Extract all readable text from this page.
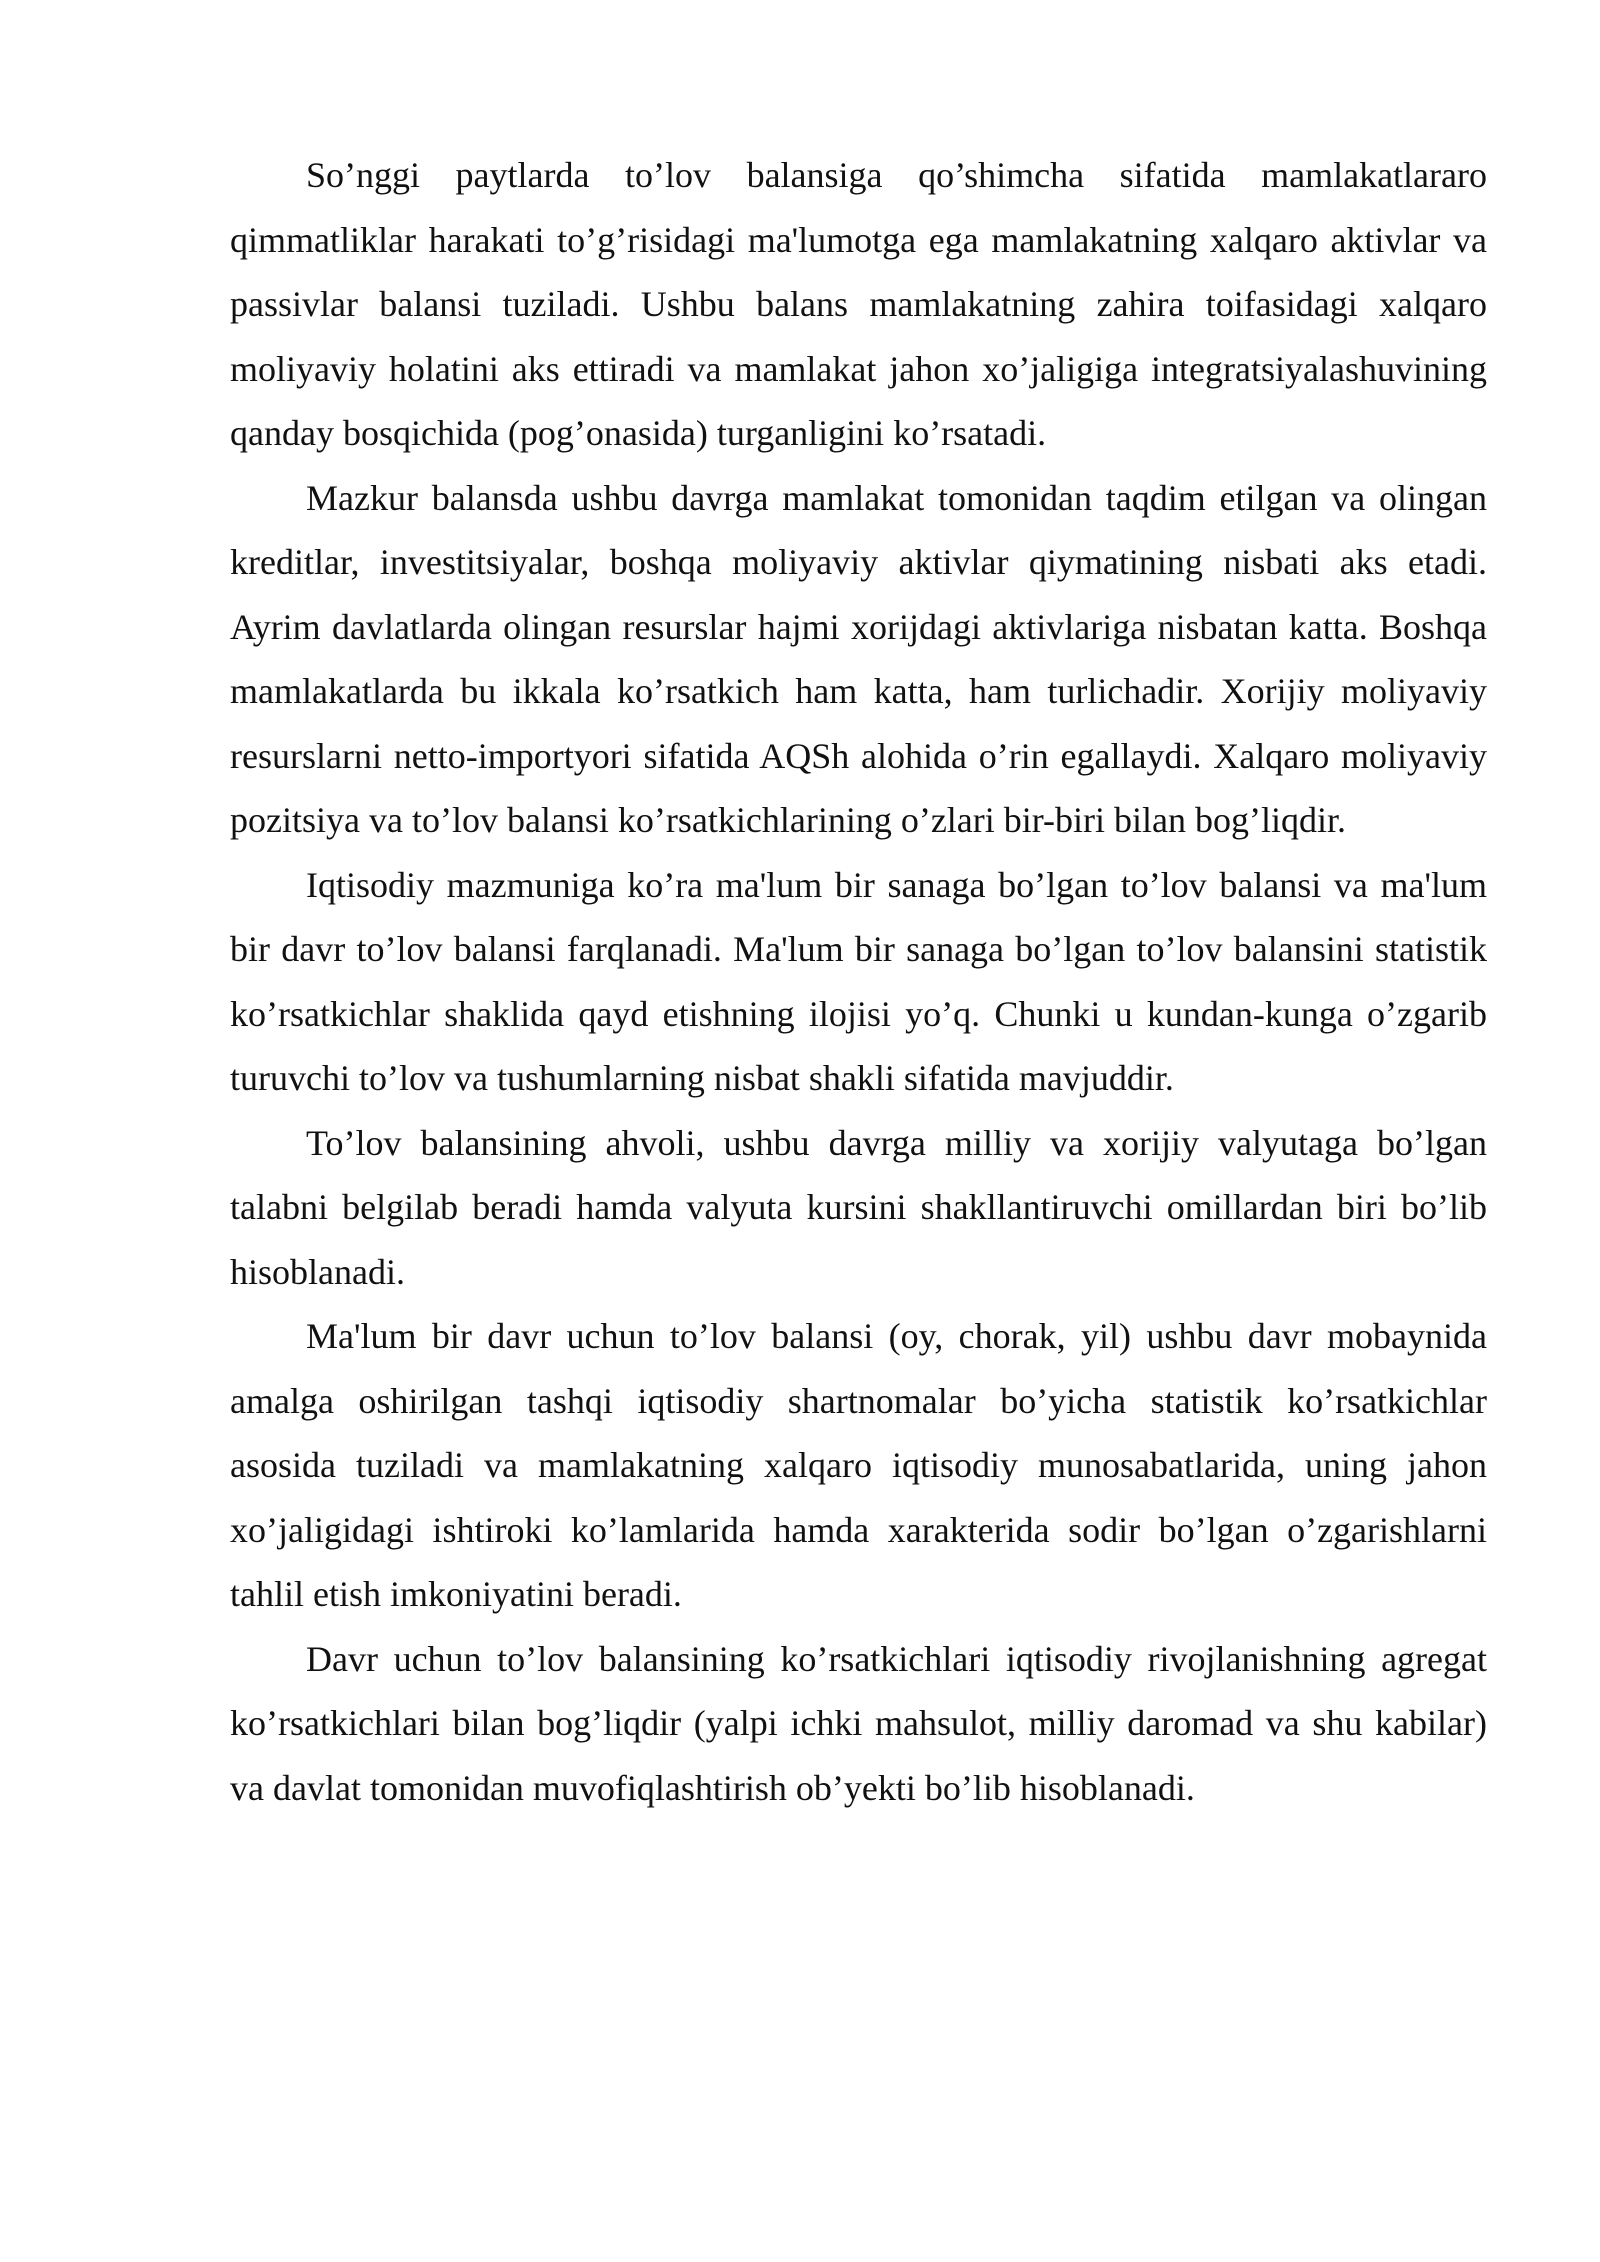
So’nggi paytlarda to’lov balansiga qo’shimcha sifatida mamlakatlararo qimmatliklar harakati to’g’risidagi ma'lumotga ega mamlakatning xalqaro aktivlar va passivlar balansi tuziladi. Ushbu balans mamlakatning zahira toifasidagi xalqaro moliyaviy holatini aks ettiradi va mamlakat jahon xo’jaligiga integratsiyalashuvining qanday bosqichida (pog’onasida) turganligini ko’rsatadi.

Mazkur balansda ushbu davrga mamlakat tomonidan taqdim etilgan va olingan kreditlar, investitsiyalar, boshqa moliyaviy aktivlar qiymatining nisbati aks etadi. Ayrim davlatlarda olingan resurslar hajmi xorijdagi aktivlariga nisbatan katta. Boshqa mamlakatlarda bu ikkala ko’rsatkich ham katta, ham turlichadir. Xorijiy moliyaviy resurslarni netto-importyori sifatida AQSh alohida o’rin egallaydi. Xalqaro moliyaviy pozitsiya va to’lov balansi ko’rsatkichlarining o’zlari bir-biri bilan bog’liqdir.

Iqtisodiy mazmuniga ko’ra ma'lum bir sanaga bo’lgan to’lov balansi va ma'lum bir davr to’lov balansi farqlanadi. Ma'lum bir sanaga bo’lgan to’lov balansini statistik ko’rsatkichlar shaklida qayd etishning ilojisi yo’q. Chunki u kundan-kunga o’zgarib turuvchi to’lov va tushumlarning nisbat shakli sifatida mavjuddir.

To’lov balansining ahvoli, ushbu davrga milliy va xorijiy valyutaga bo’lgan talabni belgilab beradi hamda valyuta kursini shakllantiruvchi omillardan biri bo’lib hisoblanadi.

Ma'lum bir davr uchun to’lov balansi (oy, chorak, yil) ushbu davr mobaynida amalga oshirilgan tashqi iqtisodiy shartnomalar bo’yicha statistik ko’rsatkichlar asosida tuziladi va mamlakatning xalqaro iqtisodiy munosabatlarida, uning jahon xo’jaligidagi ishtiroki ko’lamlarida hamda xarakterida sodir bo’lgan o’zgarishlarni tahlil etish imkoniyatini beradi.

Davr uchun to’lov balansining ko’rsatkichlari iqtisodiy rivojlanishning agregat ko’rsatkichlari bilan bog’liqdir (yalpi ichki mahsulot, milliy daromad va shu kabilar) va davlat tomonidan muvofiqlashtirish ob’yekti bo’lib hisoblanadi.
